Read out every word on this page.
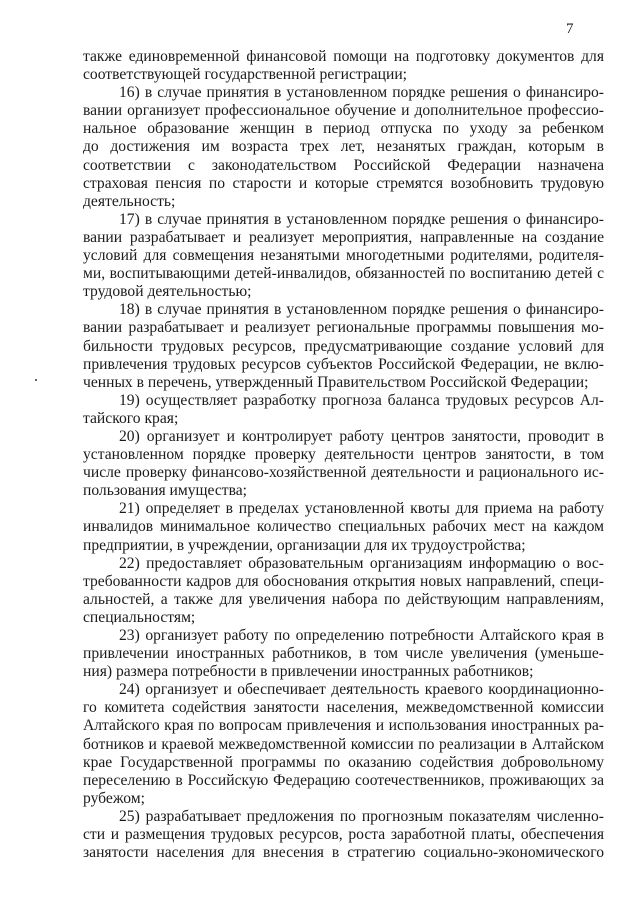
7
также единовременной финансовой помощи на подготовку документов для
соответствующей государственной регистрации;
16) в случае принятия в установленном порядке решения о финансиро-
вании организует профессиональное обучение и дополнительное профессио-
нальное образование женщин в период отпуска по уходу за ребенком
до достижения им возраста трех лет, незанятых граждан, которым в
соответствии с законодательством Российской Федерации назначена
страховая пенсия по старости и которые стремятся возобновить трудовую
деятельность;
17) в случае принятия в установленном порядке решения о финансиро-
вании разрабатывает и реализует мероприятия, направленные на создание
условий для совмещения незанятыми многодетными родителями, родителя-
ми, воспитывающими детей-инвалидов, обязанностей по воспитанию детей с
трудовой деятельностью;
18) в случае принятия в установленном порядке решения о финансиро-
вании разрабатывает и реализует региональные программы повышения мо-
бильности трудовых ресурсов, предусматривающие создание условий для
привлечения трудовых ресурсов субъектов Российской Федерации, не вклю-
ченных в перечень, утвержденный Правительством Российской Федерации;
19) осуществляет разработку прогноза баланса трудовых ресурсов Ал-
тайского края;
20) организует и контролирует работу центров занятости, проводит в
установленном порядке проверку деятельности центров занятости, в том
числе проверку финансово-хозяйственной деятельности и рационального ис-
пользования имущества;
21) определяет в пределах установленной квоты для приема на работу
инвалидов минимальное количество специальных рабочих мест на каждом
предприятии, в учреждении, организации для их трудоустройства;
22) предоставляет образовательным организациям информацию о вос-
требованности кадров для обоснования открытия новых направлений, специ-
альностей, а также для увеличения набора по действующим направлениям,
специальностям;
23) организует работу по определению потребности Алтайского края в
привлечении иностранных работников, в том числе увеличения (уменьше-
ния) размера потребности в привлечении иностранных работников;
24) организует и обеспечивает деятельность краевого координационно-
го комитета содействия занятости населения, межведомственной комиссии
Алтайского края по вопросам привлечения и использования иностранных ра-
ботников и краевой межведомственной комиссии по реализации в Алтайском
крае Государственной программы по оказанию содействия добровольному
переселению в Российскую Федерацию соотечественников, проживающих за
рубежом;
25) разрабатывает предложения по прогнозным показателям численно-
сти и размещения трудовых ресурсов, роста заработной платы, обеспечения
занятости населения для внесения в стратегию социально-экономического
